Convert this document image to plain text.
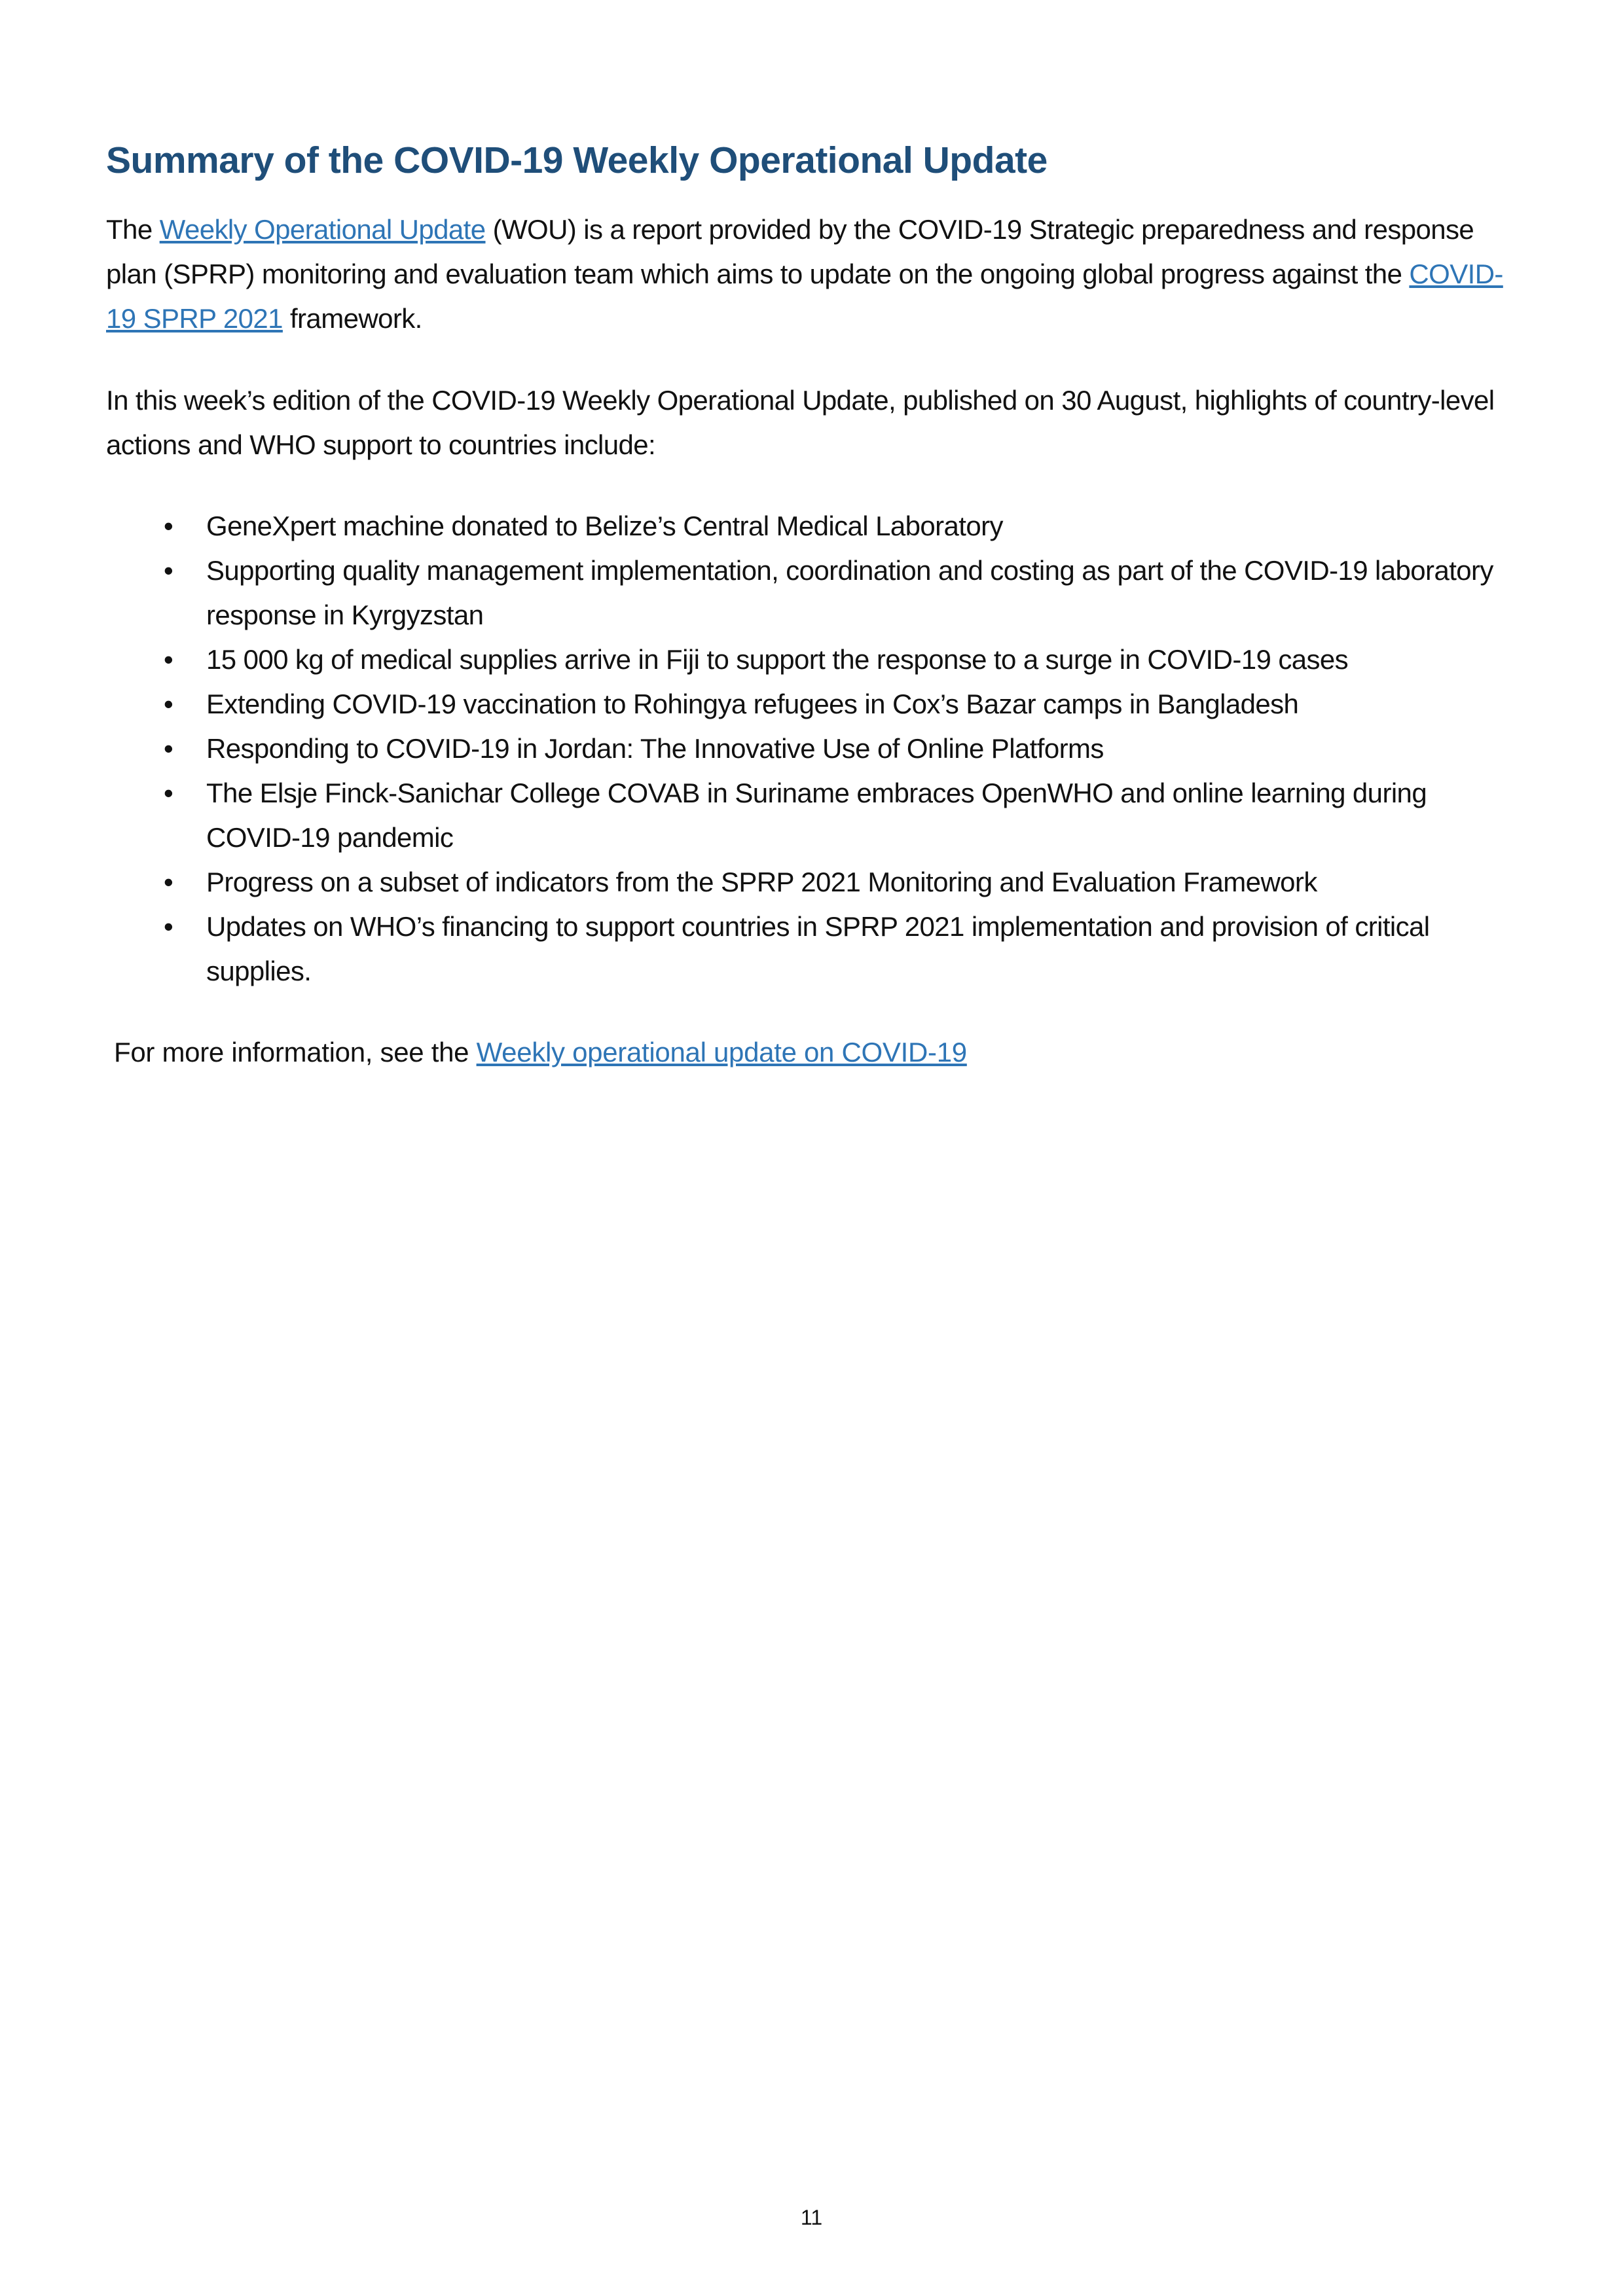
Summary of the COVID-19 Weekly Operational Update

The Weekly Operational Update (WOU) is a report provided by the COVID-19 Strategic preparedness and response plan (SPRP) monitoring and evaluation team which aims to update on the ongoing global progress against the COVID-19 SPRP 2021 framework.

In this week’s edition of the COVID-19 Weekly Operational Update, published on 30 August, highlights of country-level actions and WHO support to countries include:

• GeneXpert machine donated to Belize’s Central Medical Laboratory
• Supporting quality management implementation, coordination and costing as part of the COVID-19 laboratory response in Kyrgyzstan
• 15 000 kg of medical supplies arrive in Fiji to support the response to a surge in COVID-19 cases
• Extending COVID-19 vaccination to Rohingya refugees in Cox’s Bazar camps in Bangladesh
• Responding to COVID-19 in Jordan: The Innovative Use of Online Platforms
• The Elsje Finck-Sanichar College COVAB in Suriname embraces OpenWHO and online learning during COVID-19 pandemic
• Progress on a subset of indicators from the SPRP 2021 Monitoring and Evaluation Framework
• Updates on WHO’s financing to support countries in SPRP 2021 implementation and provision of critical supplies.

For more information, see the Weekly operational update on COVID-19

11
